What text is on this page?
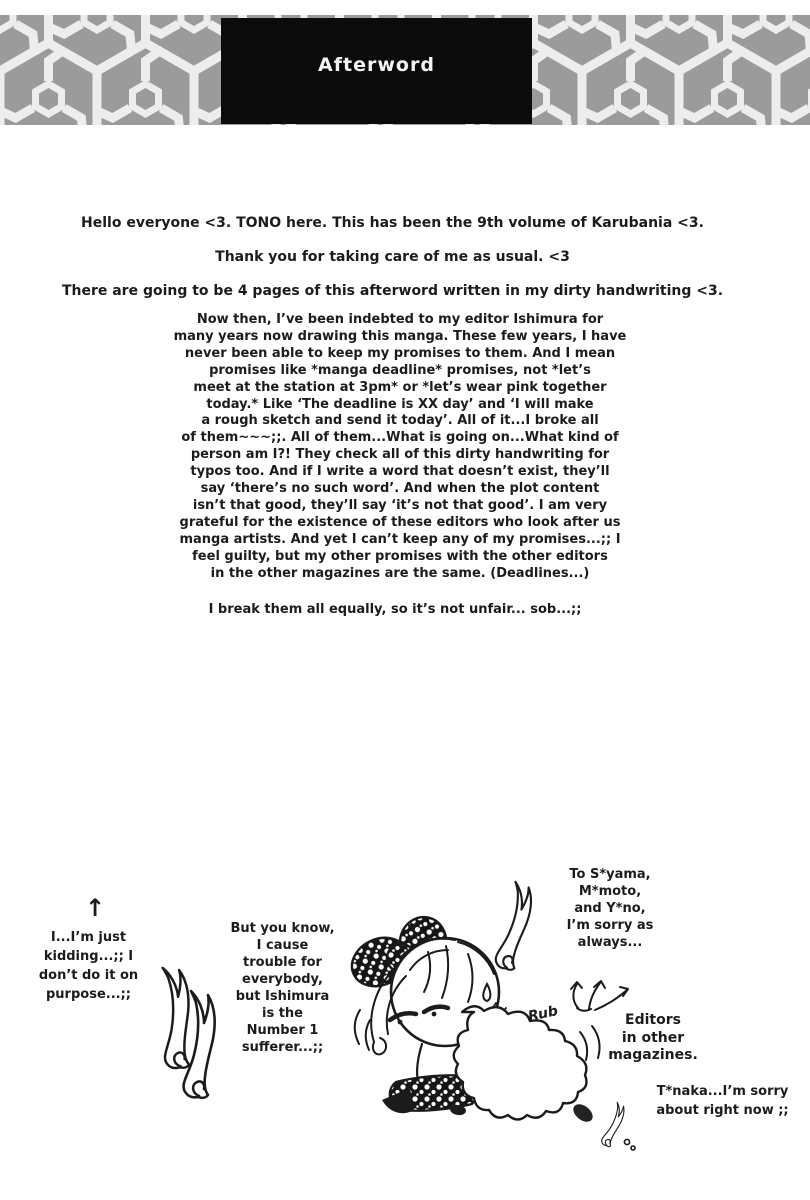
Afterword
Hello everyone <3. TONO here. This has been the 9th volume of Karubania <3.
Thank you for taking care of me as usual. <3
There are going to be 4 pages of this afterword written in my dirty handwriting <3.
Now then, I’ve been indebted to my editor Ishimura for
many years now drawing this manga. These few years, I have
never been able to keep my promises to them. And I mean
promises like *manga deadline* promises, not *let’s
meet at the station at 3pm* or *let’s wear pink together
today.* Like ‘The deadline is XX day’ and ‘I will make
a rough sketch and send it today’. All of it...I broke all
of them~~~;;. All of them...What is going on...What kind of
person am I?! They check all of this dirty handwriting for
typos too. And if I write a word that doesn’t exist, they’ll
say ‘there’s no such word’. And when the plot content
isn’t that good, they’ll say ‘it’s not that good’. I am very
grateful for the existence of these editors who look after us
manga artists. And yet I can’t keep any of my promises...;; I
feel guilty, but my other promises with the other editors
in the other magazines are the same. (Deadlines...)
I break them all equally, so it’s not unfair... sob...;;
↑
I...I’m just
kidding...;; I
don’t do it on
purpose...;;
But you know,
I cause
trouble for
everybody,
but Ishimura
is the
Number 1
sufferer...;;
Rub
To S*yama,
M*moto,
and Y*no,
I’m sorry as
always...
Editors
in other
magazines.
T*naka...I’m sorry
about right now ;;
